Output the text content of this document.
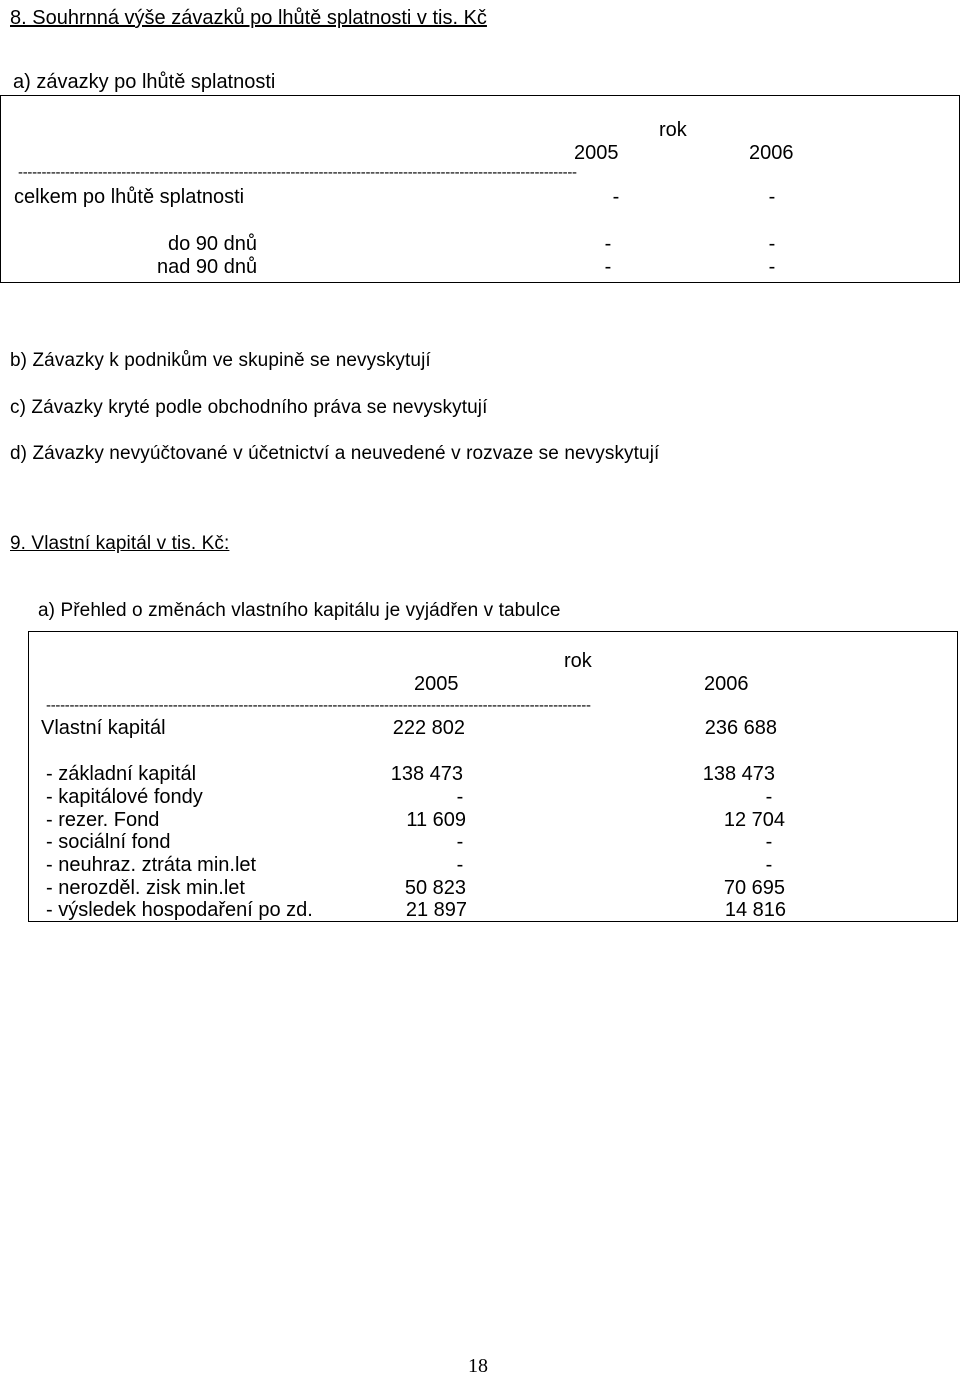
8. Souhrnná výše závazků po lhůtě splatnosti v tis. Kč
a) závazky po lhůtě splatnosti
rok
2005	2006
-----------------------------------------------------------------------------------------------------------------------
celkem po lhůtě splatnosti	-	-
do 90 dnů	-	-
nad 90 dnů	-	-
b) Závazky k podnikům ve skupině se nevyskytují
c) Závazky kryté podle obchodního práva se nevyskytují
d) Závazky nevyúčtované v účetnictví a neuvedené v rozvaze se nevyskytují
9. Vlastní kapitál v tis. Kč:
a) Přehled o změnách vlastního kapitálu je vyjádřen v tabulce
rok
2005	2006
--------------------------------------------------------------------------------------------------------------------
Vlastní kapitál	222 802	236 688
- základní kapitál	138 473	138 473
- kapitálové fondy	-	-
- rezer. Fond	11 609	12 704
- sociální fond	-	-
- neuhraz. ztráta min.let	-	-
- nerozděl. zisk min.let	50 823	70 695
- výsledek hospodaření po zd.	21 897	14 816
18
